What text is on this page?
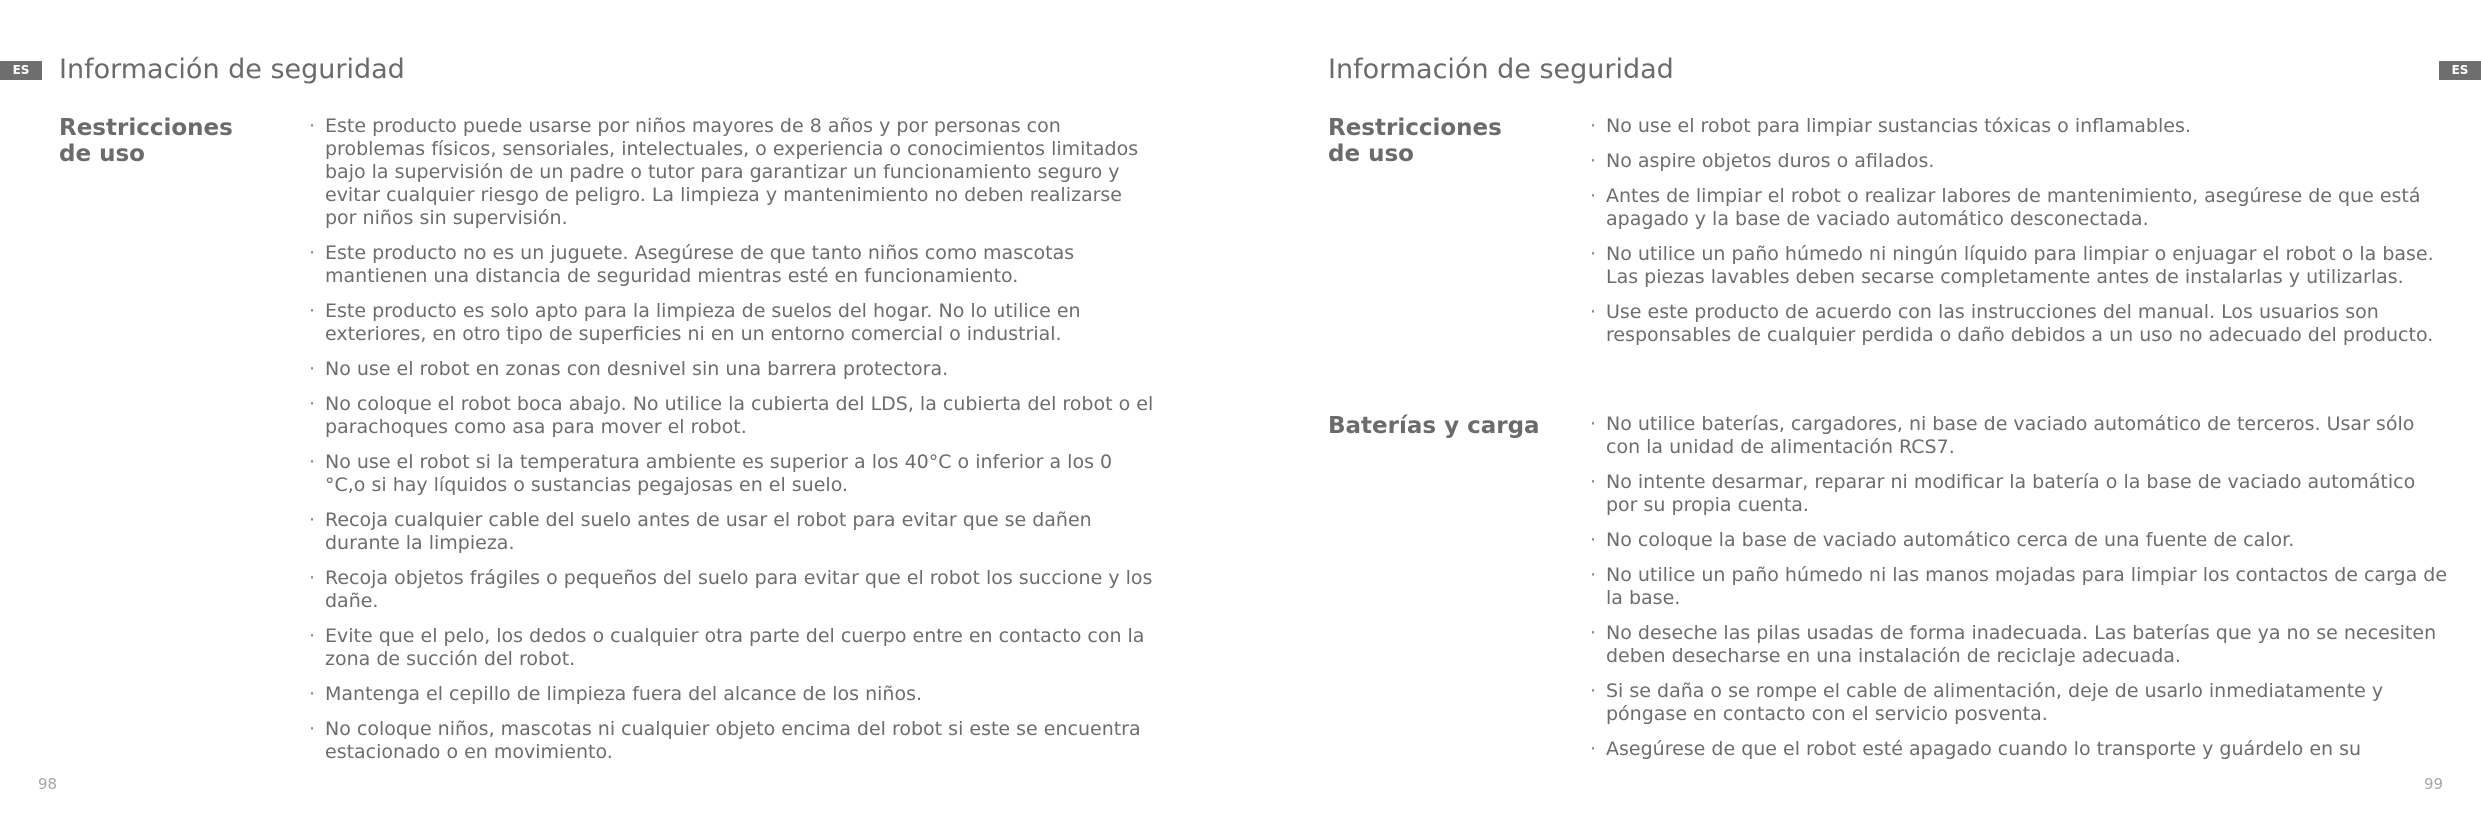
ES	Información de seguridad
Restricciones
de uso
· Este producto puede usarse por niños mayores de 8 años y por personas con problemas físicos, sensoriales, intelectuales, o experiencia o conocimientos limitados bajo la supervisión de un padre o tutor para garantizar un funcionamiento seguro y evitar cualquier riesgo de peligro. La limpieza y mantenimiento no deben realizarse por niños sin supervisión.
· Este producto no es un juguete. Asegúrese de que tanto niños como mascotas mantienen una distancia de seguridad mientras esté en funcionamiento.
· Este producto es solo apto para la limpieza de suelos del hogar. No lo utilice en exteriores, en otro tipo de superficies ni en un entorno comercial o industrial.
· No use el robot en zonas con desnivel sin una barrera protectora.
· No coloque el robot boca abajo. No utilice la cubierta del LDS, la cubierta del robot o el parachoques como asa para mover el robot.
· No use el robot si la temperatura ambiente es superior a los 40°C o inferior a los 0 °C,o si hay líquidos o sustancias pegajosas en el suelo.
· Recoja cualquier cable del suelo antes de usar el robot para evitar que se dañen durante la limpieza.
· Recoja objetos frágiles o pequeños del suelo para evitar que el robot los succione y los dañe.
· Evite que el pelo, los dedos o cualquier otra parte del cuerpo entre en contacto con la zona de succión del robot.
· Mantenga el cepillo de limpieza fuera del alcance de los niños.
· No coloque niños, mascotas ni cualquier objeto encima del robot si este se encuentra estacionado o en movimiento.
98
ES
Información de seguridad
Restricciones
de uso
· No use el robot para limpiar sustancias tóxicas o inflamables.
· No aspire objetos duros o afilados.
· Antes de limpiar el robot o realizar labores de mantenimiento, asegúrese de que está apagado y la base de vaciado automático desconectada.
· No utilice un paño húmedo ni ningún líquido para limpiar o enjuagar el robot o la base. Las piezas lavables deben secarse completamente antes de instalarlas y utilizarlas.
· Use este producto de acuerdo con las instrucciones del manual. Los usuarios son responsables de cualquier perdida o daño debidos a un uso no adecuado del producto.
Baterías y carga
·	No utilice baterías, cargadores, ni base de vaciado automático de terceros. Usar sólo con la unidad de alimentación RCS7.
· No intente desarmar, reparar ni modificar la batería o la base de vaciado automático por su propia cuenta.
· No coloque la base de vaciado automático cerca de una fuente de calor.
· No utilice un paño húmedo ni las manos mojadas para limpiar los contactos de carga de la base.
· No deseche las pilas usadas de forma inadecuada. Las baterías que ya no se necesiten deben desecharse en una instalación de reciclaje adecuada.
· Si se daña o se rompe el cable de alimentación, deje de usarlo inmediatamente y póngase en contacto con el servicio posventa.
· Asegúrese de que el robot esté apagado cuando lo transporte y guárdelo en su
99
